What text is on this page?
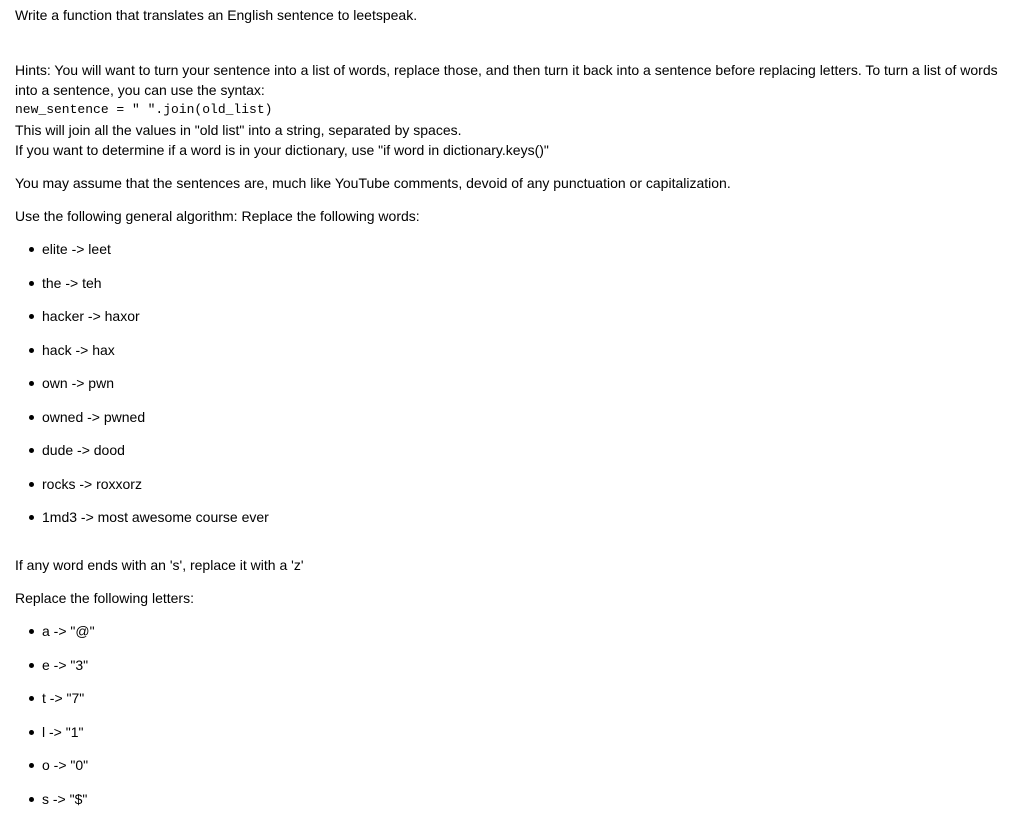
Write a function that translates an English sentence to leetspeak.

Hints: You will want to turn your sentence into a list of words, replace those, and then turn it back into a sentence before replacing letters. To turn a list of words into a sentence, you can use the syntax:

new_sentence = " ".join(old_list)

This will join all the values in "old list" into a string, separated by spaces.

If you want to determine if a word is in your dictionary, use "if word in dictionary.keys()"

You may assume that the sentences are, much like YouTube comments, devoid of any punctuation or capitalization.

Use the following general algorithm: Replace the following words:

elite -> leet
the -> teh
hacker -> haxor
hack -> hax
own -> pwn
owned -> pwned
dude -> dood
rocks -> roxxorz
1md3 -> most awesome course ever

If any word ends with an 's', replace it with a 'z'

Replace the following letters:

a -> "@"
e -> "3"
t -> "7"
l -> "1"
o -> "0"
s -> "$"
